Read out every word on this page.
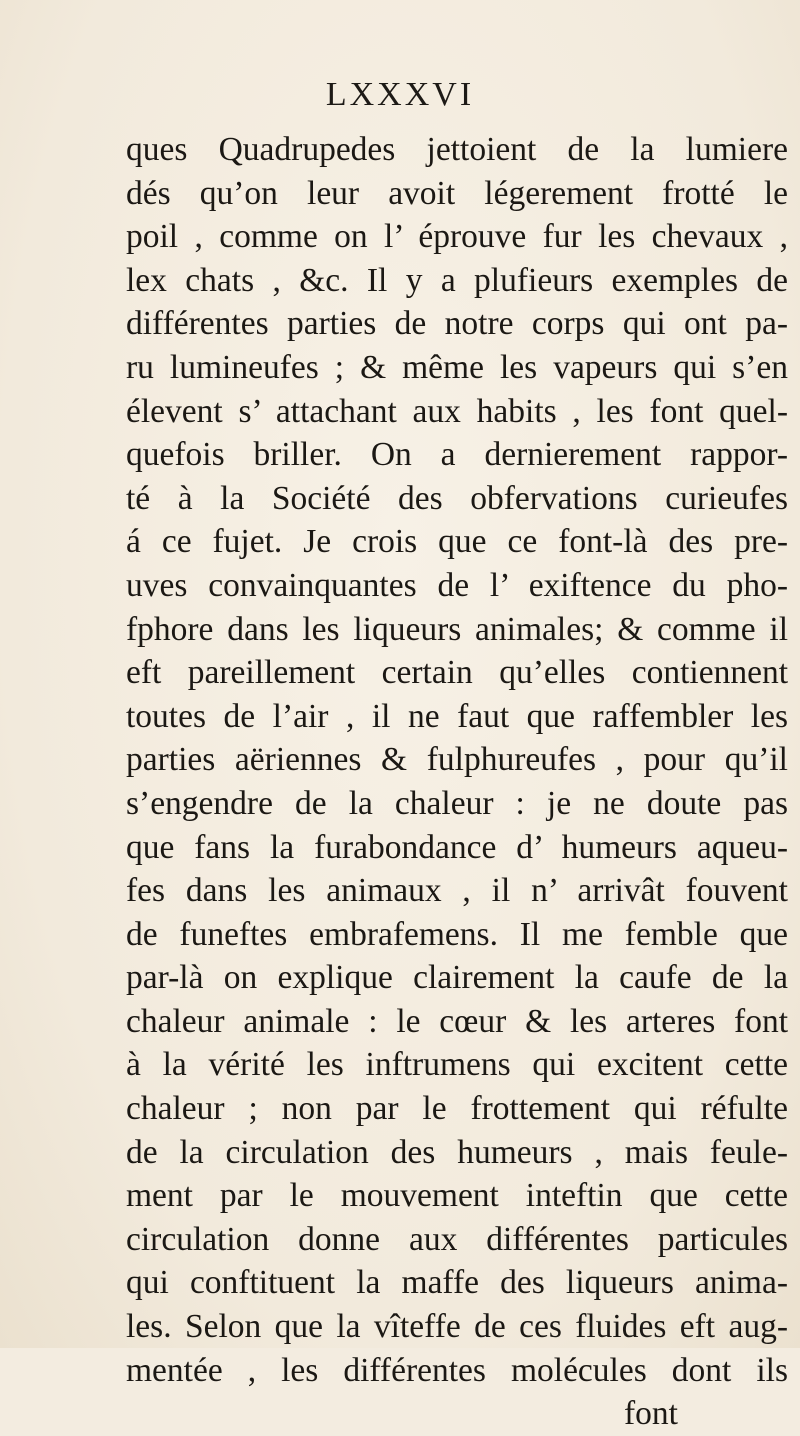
LXXXVI
ques Quadrupedes jettoient de la lumiere
dés qu’on leur avoit légerement frotté le
poil , comme on l’ éprouve fur les chevaux ,
lex chats , &c. Il y a plufieurs exemples de
différentes parties de notre corps qui ont pa-
ru lumineufes ; & même les vapeurs qui s’en
élevent s’ attachant aux habits , les font quel-
quefois briller. On a dernierement rappor-
té à la Société des obfervations curieufes
á ce fujet. Je crois que ce font-là des pre-
uves convainquantes de l’ exiftence du pho-
fphore dans les liqueurs animales; & comme il
eft pareillement certain qu’elles contiennent
toutes de l’air , il ne faut que raffembler les
parties aëriennes & fulphureufes , pour qu’il
s’engendre de la chaleur : je ne doute pas
que fans la furabondance d’ humeurs aqueu-
fes dans les animaux , il n’ arrivât fouvent
de funeftes embrafemens. Il me femble que
par-là on explique clairement la caufe de la
chaleur animale : le cœur & les arteres font
à la vérité les inftrumens qui excitent cette
chaleur ; non par le frottement qui réfulte
de la circulation des humeurs , mais feule-
ment par le mouvement inteftin que cette
circulation donne aux différentes particules
qui conftituent la maffe des liqueurs anima-
les. Selon que la vîteffe de ces fluides eft aug-
mentée , les différentes molécules dont ils
font
